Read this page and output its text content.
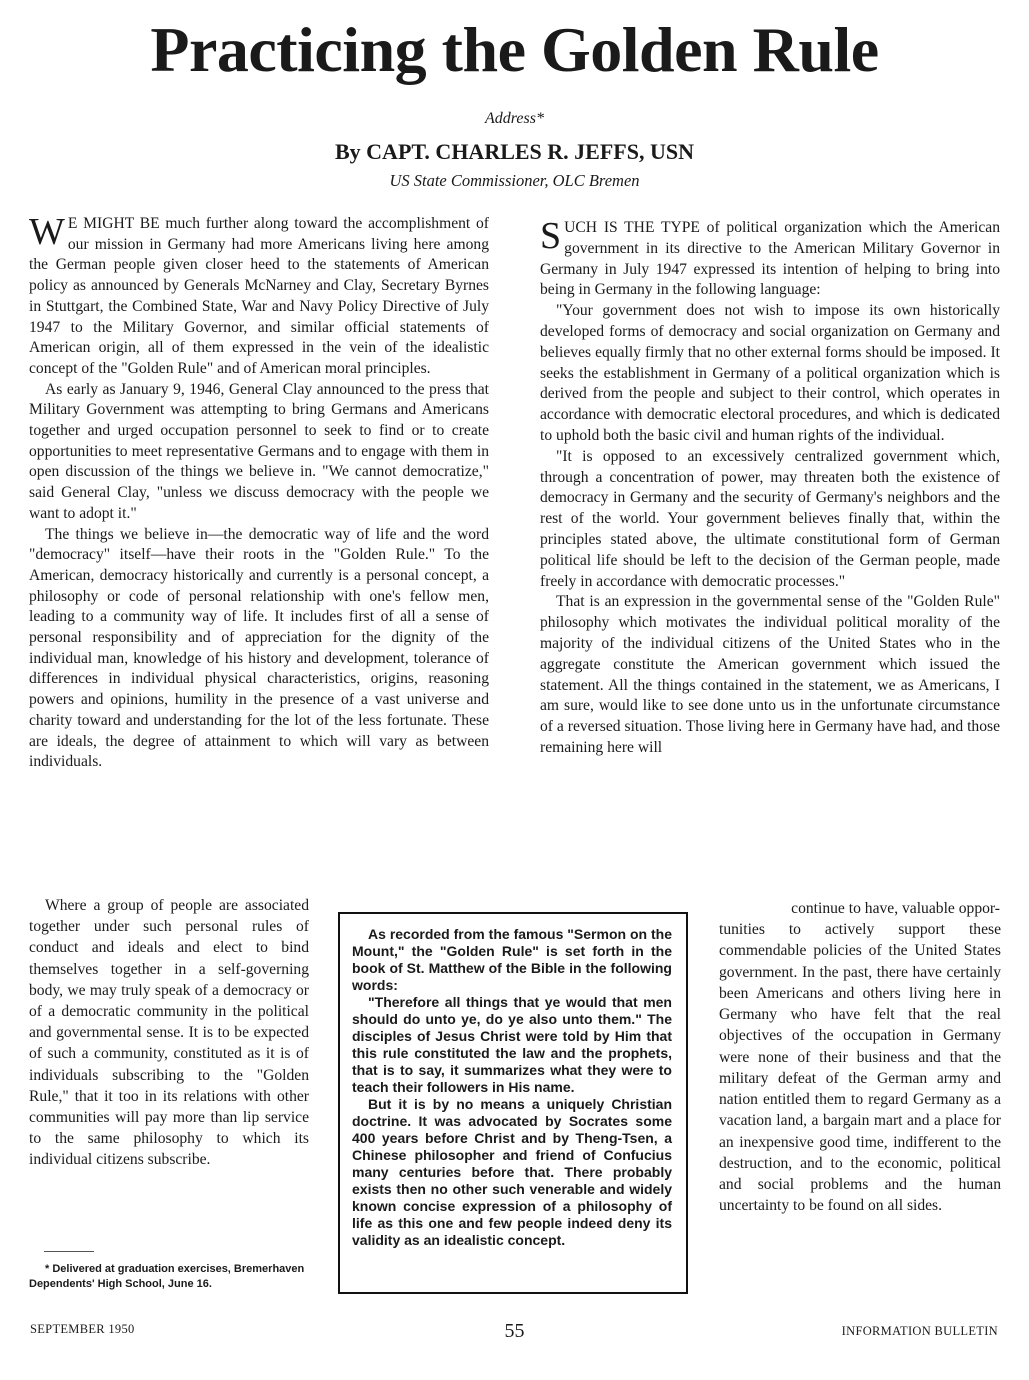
Practicing the Golden Rule
Address*
By CAPT. CHARLES R. JEFFS, USN
US State Commissioner, OLC Bremen

W E MIGHT BE much further along toward the accomplishment of our mission in Germany had more Americans living here among the German people given closer heed to the statements of American policy as announced by Generals McNarney and Clay, Secretary Byrnes in Stuttgart, the Combined State, War and Navy Policy Directive of July 1947 to the Military Governor, and similar official statements of American origin, all of them expressed in the vein of the idealistic concept of the "Golden Rule" and of American moral principles.

As early as January 9, 1946, General Clay announced to the press that Military Government was attempting to bring Germans and Americans together and urged occupation personnel to seek to find or to create opportunities to meet representative Germans and to engage with them in open discussion of the things we believe in. "We cannot democratize," said General Clay, "unless we discuss democracy with the people we want to adopt it."

The things we believe in—the democratic way of life and the word "democracy" itself—have their roots in the "Golden Rule." To the American, democracy historically and currently is a personal concept, a philosophy or code of personal relationship with one's fellow men, leading to a community way of life. It includes first of all a sense of personal responsibility and of appreciation for the dignity of the individual man, knowledge of his history and development, tolerance of differences in individual physical characteristics, origins, reasoning powers and opinions, humility in the presence of a vast universe and charity toward and understanding for the lot of the less fortunate. These are ideals, the degree of attainment to which will vary as between individuals.

Where a group of people are associated together under such personal rules of conduct and ideals and elect to bind themselves together in a self-governing body, we may truly speak of a democracy or of a democratic community in the political and governmental sense. It is to be expected of such a community, constituted as it is of individuals subscribing to the "Golden Rule," that it too in its relations with other communities will pay more than lip service to the same philosophy to which its individual citizens subscribe.

* Delivered at graduation exercises, Bremerhaven Dependents' High School, June 16.

SUCH IS THE TYPE of political organization which the American government in its directive to the American Military Governor in Germany in July 1947 expressed its intention of helping to bring into being in Germany in the following language:

"Your government does not wish to impose its own historically developed forms of democracy and social organization on Germany and believes equally firmly that no other external forms should be imposed. It seeks the establishment in Germany of a political organization which is derived from the people and subject to their control, which operates in accordance with democratic electoral procedures, and which is dedicated to uphold both the basic civil and human rights of the individual.

"It is opposed to an excessively centralized government which, through a concentration of power, may threaten both the existence of democracy in Germany and the security of Germany's neighbors and the rest of the world. Your government believes finally that, within the principles stated above, the ultimate constitutional form of German political life should be left to the decision of the German people, made freely in accordance with democratic processes."

That is an expression in the governmental sense of the "Golden Rule" philosophy which motivates the individual political morality of the majority of the individual citizens of the United States who in the aggregate constitute the American government which issued the statement. All the things contained in the statement, we as Americans, I am sure, would like to see done unto us in the unfortunate circumstance of a reversed situation. Those living here in Germany have had, and those remaining here will

continue to have, valuable oppor-

tunities to actively support these commendable policies of the United States government. In the past, there have certainly been Americans and others living here in Germany who have felt that the real objectives of the occupation in Germany were none of their business and that the military defeat of the German army and nation entitled them to regard Germany as a vacation land, a bargain mart and a place for an inexpensive good time, indifferent to the destruction, and to the economic, political and social problems and the human uncertainty to be found on all sides.

As recorded from the famous "Sermon on the Mount," the "Golden Rule" is set forth in the book of St. Matthew of the Bible in the following words:

"Therefore all things that ye would that men should do unto ye, do ye also unto them." The disciples of Jesus Christ were told by Him that this rule constituted the law and the prophets, that is to say, it summarizes what they were to teach their followers in His name.

But it is by no means a uniquely Christian doctrine. It was advocated by Socrates some 400 years before Christ and by Theng-Tsen, a Chinese philosopher and friend of Confucius many centuries before that. There probably exists then no other such venerable and widely known concise expression of a philosophy of life as this one and few people indeed deny its validity as an idealistic concept.

SEPTEMBER 1950	55	INFORMATION BULLETIN
